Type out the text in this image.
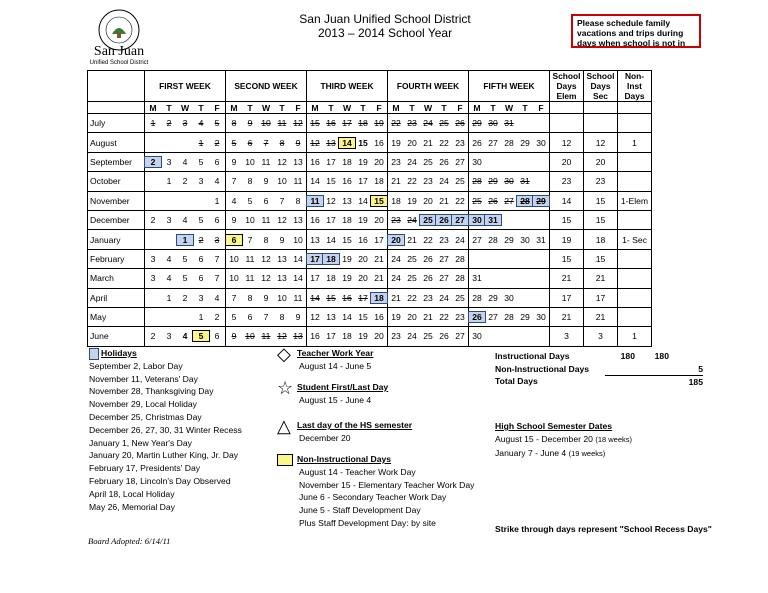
San Juan
Unified School District
San Juan Unified School District
2013 – 2014 School Year
Please schedule family vacations and trips during days when school is not in

	FIRST WEEK	SECOND WEEK	THIRD WEEK	FOURTH WEEK	FIFTH WEEK	School Days Elem	School Days Sec	Non-Inst Days

	M T W T F	M T W T F	M T W T F	M T W T F	M T W T F			

July	1 2 3 4 5	8 9 10 11 12	15 16 17 18 19	22 23 24 25 26	29 30 31			

August	1 2	5 6 7 8 9	12 13 14 ★ 15 16	19 20 21 22 23	26 27 28 29 30	12	12	1
September	2 3 4 5 6	9 10 11 12 13	16 17 18 19 20	23 24 25 26 27	30	20	20	
October	1 2 3 4	7 8 9 10 11	14 15 16 17 18	21 22 23 24 25	28 29 30 31	23	23	
November	1	4 5 6 7 8	11 12 13 14 15	18 19 20 21 22	25 26 27 28 29	14	15	1-Elem
December	2 3 4 5 6	9 10 11 12 13	16 17 18 19 △ 20	23 24 25 26 27	30 31	15	15	
January	1 2 3	6 7 8 9 10	13 14 15 16 17	20 21 22 23 24	27 28 29 30 31	19	18	1- Sec
February	3 4 5 6 7	10 11 12 13 14	17 18 19 20 21	24 25 26 27 28		15	15	
March	3 4 5 6 7	10 11 12 13 14	17 18 19 20 21	24 25 26 27 28	31	21	21	
April	1 2 3 4	7 8 9 10 11	14 15 16 17 18	21 22 23 24 25	28 29 30	17	17	
May	1 2	5 6 7 8 9	12 13 14 15 16	19 20 21 22 23	26 27 28 29 30	21	21	
June	2 3 ★ 4 5 6	9 10 11 12 13	16 17 18 19 20	23 24 25 26 27	30	3	3	1
Holidays
September 2, Labor Day
November 11, Veterans' Day
November 28, Thanksgiving Day
November 29, Local Holiday
December 25, Christmas Day
December 26, 27, 30, 31 Winter Recess
January 1, New Year's Day
January 20, Martin Luther King, Jr. Day
February 17, Presidents' Day
February 18, Lincoln's Day Observed
April 18, Local Holiday
May 26, Memorial Day
◇ Teacher Work Year
August 14 - June 5
☆ Student First/Last Day
August 15 - June 4
△ Last day of the HS semester
December 20
Non-Instructional Days
August 14 - Teacher Work Day
November 15 - Elementary Teacher Work Day
June 6 - Secondary Teacher Work Day
June 5 - Staff Development Day
Plus Staff Development Day: by site
Instructional Days	180	180
Non-Instructional Days	5
Total Days	185
High School Semester Dates
August 15 - December 20 (18 weeks)
January 7 - June 4 (19 weeks)
Strike through days represent "School Recess Days"
Board Adopted: 6/14/11
